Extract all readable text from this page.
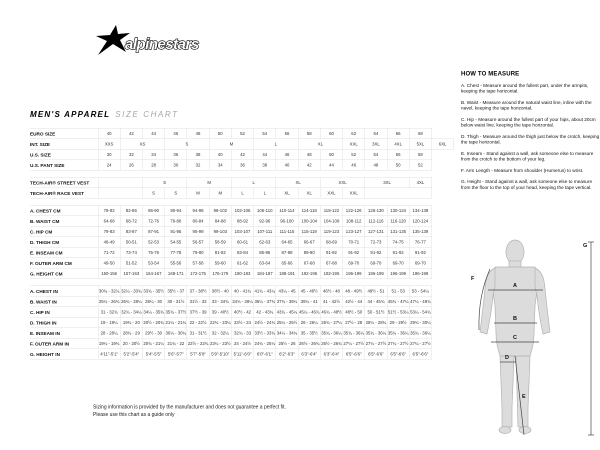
alpinestars
MEN'S APPAREL SIZE CHART
EURO SIZE	40	42	44	46	48	50	52	54	56	58	60	62	64	66	68	
INT. SIZE	XXS	XS		S		M		L		XL		XXL	3XL	4XL	5XL	6XL
U.S. SIZE	30	32	34	36	38	40	42	44	46	48	50	52	54	56	58	
U.S. PANT SIZE	24	26	28	30	32	34	36	38	40	42	44	46	48	50	52	

TECH-AIR® STREET VEST			S		M		L		XL		XXL		3XL		4XL	
TECH-AIR® RACE VEST			S	S	M	M	L	L	XL	XL	XXL	XXL				

A. CHEST CM	78-82	82-86	86-90	90-94	94-98	98-102	102-106	106-110	110-114	114-118	118-122	122-126	126-130	130-134	134-138	
B. WAIST CM	64-68	68-72	72-76	76-80	80-84	84-88	88-92	92-96	96-100	100-104	104-108	108-112	112-116	116-120	120-124	
C. HIP CM	79-83	83-87	87-91	91-95	95-99	99-103	103-107	107-111	111-115	115-119	119-123	123-127	127-131	131-135	135-139	
D. THIGH CM	48-49	50-51	52-53	54-55	56-57	58-59	60-61	62-63	64-65	66-67	68-69	70-71	72-73	74-75	76-77	
E. INSEAM CM	71-72	73-74	75-76	77-78	79-80	81-82	83-84	85-86	87-88	89-90	91-92	91-92	91-92	91-92	91-92	
F. OUTER ARM CM	49-50	51-52	53-54	55-56	57-58	59-60	61-62	63-64	65-66	67-68	67-68	69-70	69-70	69-70	69-70	
G. HEIGHT CM	150-156	157-163	164-167	168-171	172-175	176-179	180-183	184-187	188-191	192-195	192-195	196-199	196-199	196-199	196-199	

A. CHEST IN	30¾ - 32¼	32¼ - 33¾	33¾ - 35½	35½ - 37	37 - 38½	38½ - 40	40 - 41¾	41¾ - 43¼	43¼ - 45	45 - 46½	46½ - 48	48 - 49½	49½ - 51	51 - 53	53 - 54¼	
B. WAIST IN	25¼ - 26¾	26¾ - 28¼	28¼ - 30	30 - 31½	31½ - 33	33 - 34¾	34¾ - 36¼	36¼ - 37¾	37¾ - 39¼	39¼ - 41	41 - 42½	42½ - 44	44 - 45¾	45¾ - 47¼	47¼ - 48¾	
C. HIP IN	31 - 32¾	32¾ - 34¼	34¼ - 35¾	35¾ - 37½	37½ - 39	39 - 40½	40½ - 42	42 - 43¾	43¾ - 45¼	45¼ - 46¾	46¾ - 48½	48½ - 50	50 - 51½	51½ - 53¼	53¼ - 54¾	
D. THIGH IN	19 - 19¼	19¾ - 20	20½ - 20¾	21¼ - 21¾	22 - 22½	22¾ - 23¼	23½ - 24	24½ - 24¾	25¼ - 25½	26 - 26¼	26¾ - 27¼	27½ - 28	28¼ - 28¾	29 - 29½	29¾ - 30¼	
E. INSEAM IN	28 - 28¼	28¾ - 29	29½ - 30	30¼ - 30¾	31 - 31½	32 - 32¼	32¾ - 33	33½ - 33¾	34¼ - 34¾	35 - 35½	35¾ - 36¼	35¾ - 36¼	35¾ - 36¼	35¾ - 36¼	35¾ - 36¼	
F. OUTER ARM IN	19¼ - 19¾	20 - 20½	20¾ - 21¼	21¾ - 22	22½ - 22¾	23¼ - 23½	24 - 24½	24¾ - 25¼	25½ - 26	26½ - 26¾	26½ - 26¾	27¼ - 27½	27¼ - 27½	27¼ - 27½	27¼ - 27½	
G. HEIGHT IN	4'11"-5'1"	5'2"-5'4"	5'4"-5'5"	5'6"-5'7"	5'7"-5'8"	5'9"-5'10"	5'11"-6'0"	6'0"-6'1"	6'2"-6'3"	6'3"-6'4"	6'3"-6'4"	6'5"-6'6"	6'5"-6'6"	6'5"-6'6"	6'5"-6'6"	
HOW TO MEASURE

A. Chest - Measure around the fullest part, under the armpits, keeping the tape horizontal.

B. Waist - Measure around the natural waist line, inline with the navel, keeping the tape horizontal.

C. Hip - Measure around the fullest part of your hips, about 20cm below waist line, keeping the tape horizontal.

D. Thigh - Measure around the thigh just below the crotch, keeping the tape horizontal.

E. Inseam - Stand against a wall, ask someone else to measure from the crotch to the bottom of your leg.

F. Arm Length - Measure from shoulder (Humerus) to wrist.

G. Height - Stand against a wall, ask someone else to measure from the floor to the top of your head, keeping the tape vertical.

A
B
C
D
E
F
G
Sizing information is provided by the manufacturer and does not guarantee a perfect fit.
Please use this chart as a guide only
